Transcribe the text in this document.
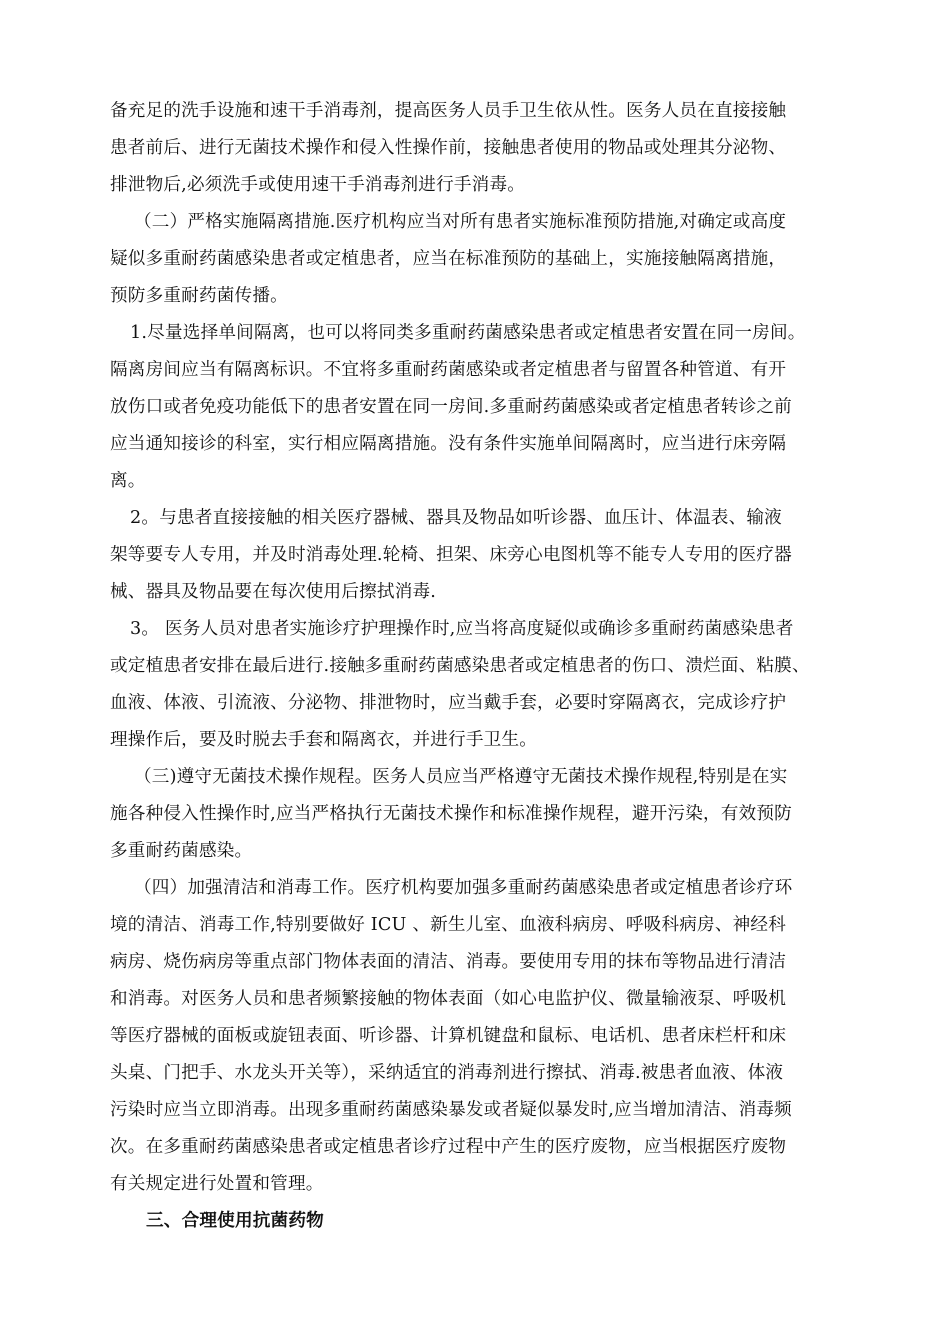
备充足的洗手设施和速干手消毒剂，提高医务人员手卫生依从性。医务人员在直接接触
患者前后、进行无菌技术操作和侵入性操作前，接触患者使用的物品或处理其分泌物、
排泄物后,必须洗手或使用速干手消毒剂进行手消毒。
（二）严格实施隔离措施.医疗机构应当对所有患者实施标准预防措施,对确定或高度
疑似多重耐药菌感染患者或定植患者，应当在标准预防的基础上，实施接触隔离措施，
预防多重耐药菌传播。
1.尽量选择单间隔离，也可以将同类多重耐药菌感染患者或定植患者安置在同一房间。
隔离房间应当有隔离标识。不宜将多重耐药菌感染或者定植患者与留置各种管道、有开
放伤口或者免疫功能低下的患者安置在同一房间.多重耐药菌感染或者定植患者转诊之前
应当通知接诊的科室，实行相应隔离措施。没有条件实施单间隔离时，应当进行床旁隔
离。
2。与患者直接接触的相关医疗器械、器具及物品如听诊器、血压计、体温表、输液
架等要专人专用，并及时消毒处理.轮椅、担架、床旁心电图机等不能专人专用的医疗器
械、器具及物品要在每次使用后擦拭消毒.
3。 医务人员对患者实施诊疗护理操作时,应当将高度疑似或确诊多重耐药菌感染患者
或定植患者安排在最后进行.接触多重耐药菌感染患者或定植患者的伤口、溃烂面、粘膜、
血液、体液、引流液、分泌物、排泄物时，应当戴手套，必要时穿隔离衣，完成诊疗护
理操作后，要及时脱去手套和隔离衣，并进行手卫生。
（三)遵守无菌技术操作规程。医务人员应当严格遵守无菌技术操作规程,特别是在实
施各种侵入性操作时,应当严格执行无菌技术操作和标准操作规程，避开污染，有效预防
多重耐药菌感染。
（四）加强清洁和消毒工作。医疗机构要加强多重耐药菌感染患者或定植患者诊疗环
境的清洁、消毒工作,特别要做好 ICU 、新生儿室、血液科病房、呼吸科病房、神经科
病房、烧伤病房等重点部门物体表面的清洁、消毒。要使用专用的抹布等物品进行清洁
和消毒。对医务人员和患者频繁接触的物体表面（如心电监护仪、微量输液泵、呼吸机
等医疗器械的面板或旋钮表面、听诊器、计算机键盘和鼠标、电话机、患者床栏杆和床
头桌、门把手、水龙头开关等），采纳适宜的消毒剂进行擦拭、消毒.被患者血液、体液
污染时应当立即消毒。出现多重耐药菌感染暴发或者疑似暴发时,应当增加清洁、消毒频
次。在多重耐药菌感染患者或定植患者诊疗过程中产生的医疗废物，应当根据医疗废物
有关规定进行处置和管理。
三、合理使用抗菌药物
